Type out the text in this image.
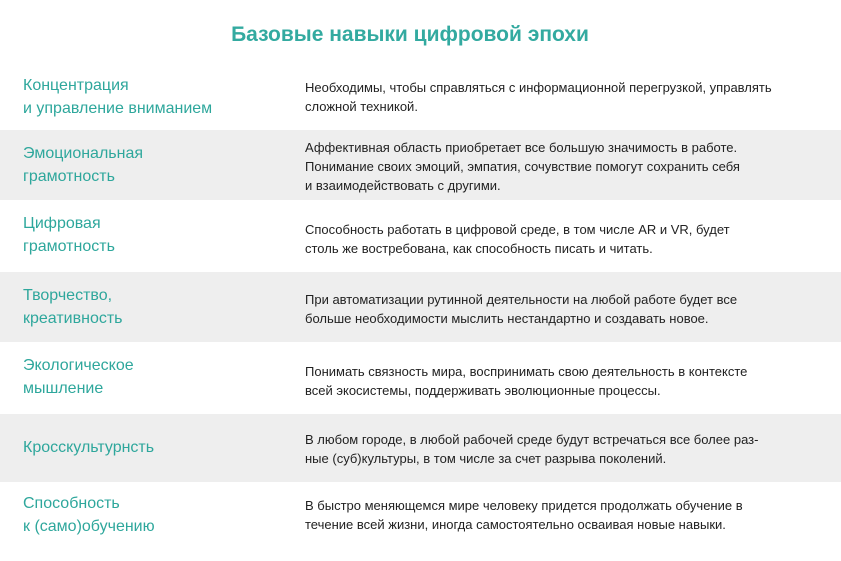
Базовые навыки цифровой эпохи
Концентрация
и управление вниманием
Необходимы, чтобы справляться с информационной перегрузкой, управлять
сложной техникой.
Эмоциональная
грамотность
Аффективная область приобретает все большую значимость в работе.
Понимание своих эмоций, эмпатия, сочувствие помогут сохранить себя
и взаимодействовать с другими.
Цифровая
грамотность
Способность работать в цифровой среде, в том числе AR и VR, будет
столь же востребована, как способность писать и читать.
Творчество,
креативность
При автоматизации рутинной деятельности на любой работе будет все
больше необходимости мыслить нестандартно и создавать новое.
Экологическое
мышление
Понимать связность мира, воспринимать свою деятельность в контексте
всей экосистемы, поддерживать эволюционные процессы.
Кросскультурнсть	В любом городе, в любой рабочей среде будут встречаться все более раз-
ные (суб)культуры, в том числе за счет разрыва поколений.
Способность
к (само)обучению
В быстро меняющемся мире человеку придется продолжать обучение в
течение всей жизни, иногда самостоятельно осваивая новые навыки.
